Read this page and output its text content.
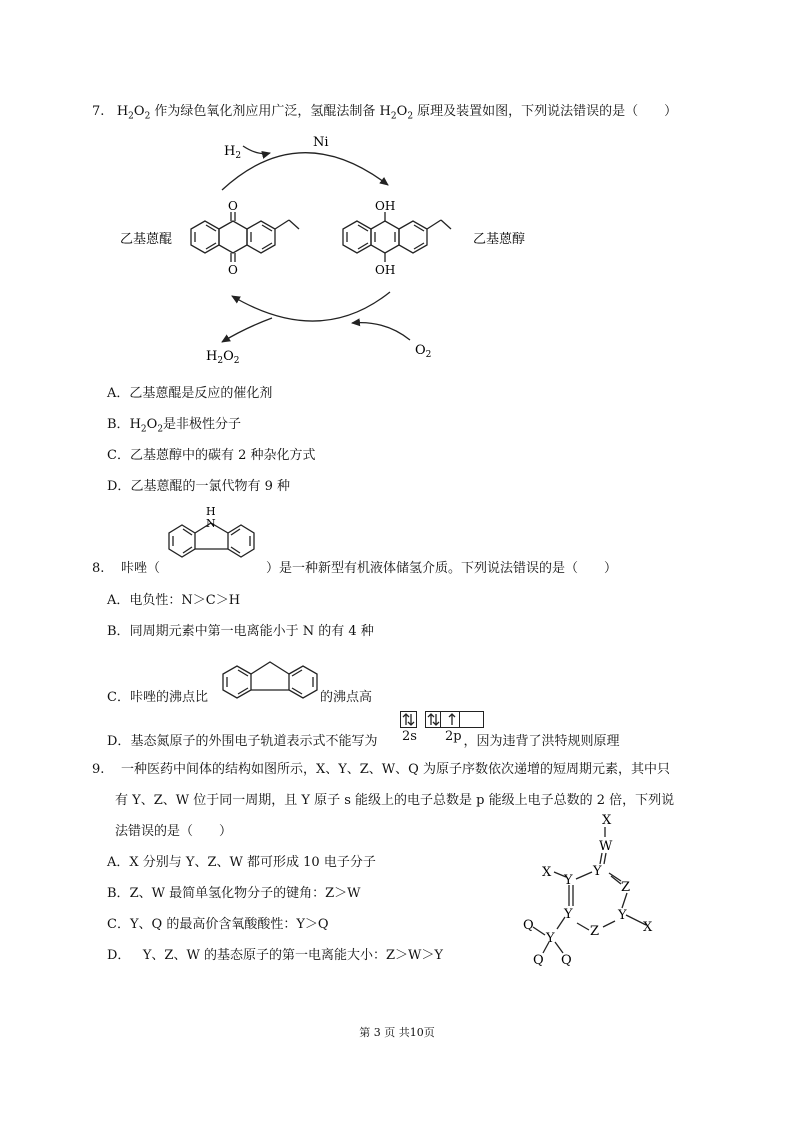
7. $H_2O_2$ 作为绿色氧化剂应用广泛，氢醌法制备 $H_2O_2$ 原理及装置如图，下列说法错误的是（　　）
$H_2$
Ni
$O_2$
$H_2O_2$
O
O
乙基蒽醌
OH
OH
乙基蒽醇
A．乙基蒽醌是反应的催化剂
B．$H_2O_2$是非极性分子
C．乙基蒽醇中的碳有 2 种杂化方式
D．乙基蒽醌的一氯代物有 9 种
8. 咔唑（	）是一种新型有机液体储氢介质。下列说法错误的是（　　）
H
N
A．电负性：N＞C＞H
B．同周期元素中第一电离能小于 N 的有 4 种
C．咔唑的沸点比	的沸点高
D．基态氮原子的外围电子轨道表示式不能写为	，因为违背了洪特规则原理
2s 2p
9. 一种医药中间体的结构如图所示，X、Y、Z、W、Q 为原子序数依次递增的短周期元素，其中只
有 Y、Z、W 位于同一周期，且 Y 原子 s 能级上的电子总数是 p 能级上电子总数的 2 倍，下列说
法错误的是（　　）
A．X 分别与 Y、Z、W 都可形成 10 电子分子
B．Z、W 最简单氢化物分子的键角：Z＞W
C．Y、Q 的最高价含氧酸酸性：Y＞Q
D． Y、Z、W 的基态原子的第一电离能大小：Z＞W＞Y
X
W
X
Y
Y
Z
Y
X
Z
Y
Y
Q
Q Q
第 3 页 共10页
